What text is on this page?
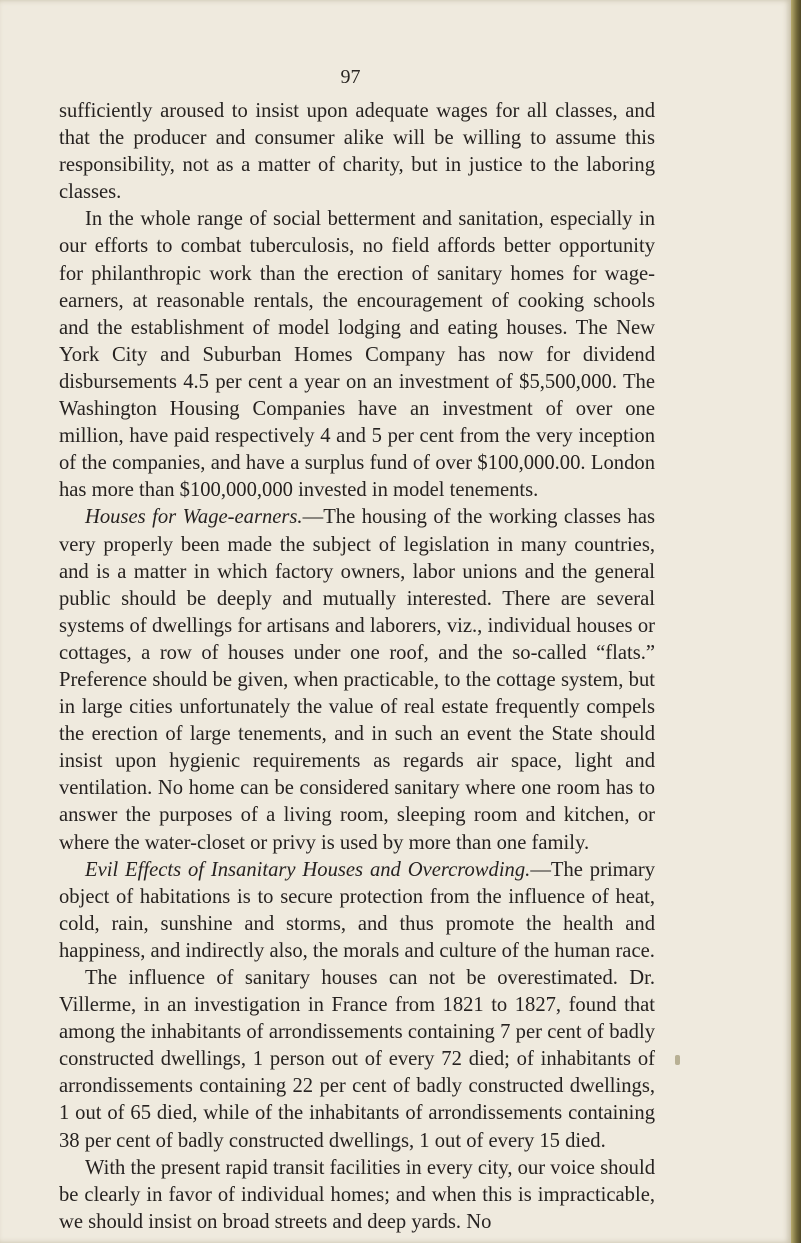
97

sufficiently aroused to insist upon adequate wages for all classes, and that the producer and consumer alike will be willing to assume this responsibility, not as a matter of charity, but in justice to the laboring classes.

In the whole range of social betterment and sanitation, especially in our efforts to combat tuberculosis, no field affords better opportunity for philanthropic work than the erection of sanitary homes for wage-earners, at reasonable rentals, the encouragement of cooking schools and the establishment of model lodging and eating houses. The New York City and Suburban Homes Company has now for dividend disbursements 4.5 per cent a year on an investment of $5,500,000. The Washington Housing Companies have an investment of over one million, have paid respectively 4 and 5 per cent from the very inception of the companies, and have a surplus fund of over $100,000.00. London has more than $100,000,000 invested in model tenements.

Houses for Wage-earners.—The housing of the working classes has very properly been made the subject of legislation in many countries, and is a matter in which factory owners, labor unions and the general public should be deeply and mutually interested. There are several systems of dwellings for artisans and laborers, viz., individual houses or cottages, a row of houses under one roof, and the so-called “flats.” Preference should be given, when practicable, to the cottage system, but in large cities unfortunately the value of real estate frequently compels the erection of large tenements, and in such an event the State should insist upon hygienic requirements as regards air space, light and ventilation. No home can be considered sanitary where one room has to answer the purposes of a living room, sleeping room and kitchen, or where the water-closet or privy is used by more than one family.

Evil Effects of Insanitary Houses and Overcrowding.—The primary object of habitations is to secure protection from the influence of heat, cold, rain, sunshine and storms, and thus promote the health and happiness, and indirectly also, the morals and culture of the human race.

The influence of sanitary houses can not be overestimated. Dr. Villerme, in an investigation in France from 1821 to 1827, found that among the inhabitants of arrondissements containing 7 per cent of badly constructed dwellings, 1 person out of every 72 died; of inhabitants of arrondissements containing 22 per cent of badly constructed dwellings, 1 out of 65 died, while of the inhabitants of arrondissements containing 38 per cent of badly constructed dwellings, 1 out of every 15 died.

With the present rapid transit facilities in every city, our voice should be clearly in favor of individual homes; and when this is impracticable, we should insist on broad streets and deep yards. No
